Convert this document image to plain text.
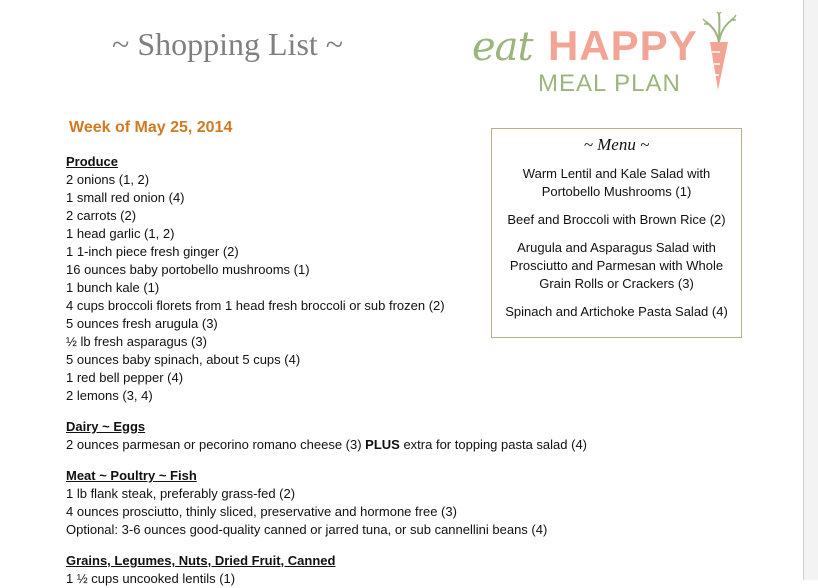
~ Shopping List ~	eat HAPPY
MEAL PLAN
Week of May 25, 2014
Produce
2 onions (1, 2)
1 small red onion (4)
2 carrots (2)
1 head garlic (1, 2)
1 1-inch piece fresh ginger (2)
16 ounces baby portobello mushrooms (1)
1 bunch kale (1)
4 cups broccoli florets from 1 head fresh broccoli or sub frozen (2)
5 ounces fresh arugula (3)
½ lb fresh asparagus (3)
5 ounces baby spinach, about 5 cups (4)
1 red bell pepper (4)
2 lemons (3, 4)
Dairy ~ Eggs
2 ounces parmesan or pecorino romano cheese (3) PLUS extra for topping pasta salad (4)
Meat ~ Poultry ~ Fish
1 lb flank steak, preferably grass-fed (2)
4 ounces prosciutto, thinly sliced, preservative and hormone free (3)
Optional: 3-6 ounces good-quality canned or jarred tuna, or sub cannellini beans (4)
Grains, Legumes, Nuts, Dried Fruit, Canned
1 ½ cups uncooked lentils (1)
~ Menu ~
Warm Lentil and Kale Salad with Portobello Mushrooms (1)
Beef and Broccoli with Brown Rice (2)
Arugula and Asparagus Salad with Prosciutto and Parmesan with Whole Grain Rolls or Crackers (3)
Spinach and Artichoke Pasta Salad (4)
